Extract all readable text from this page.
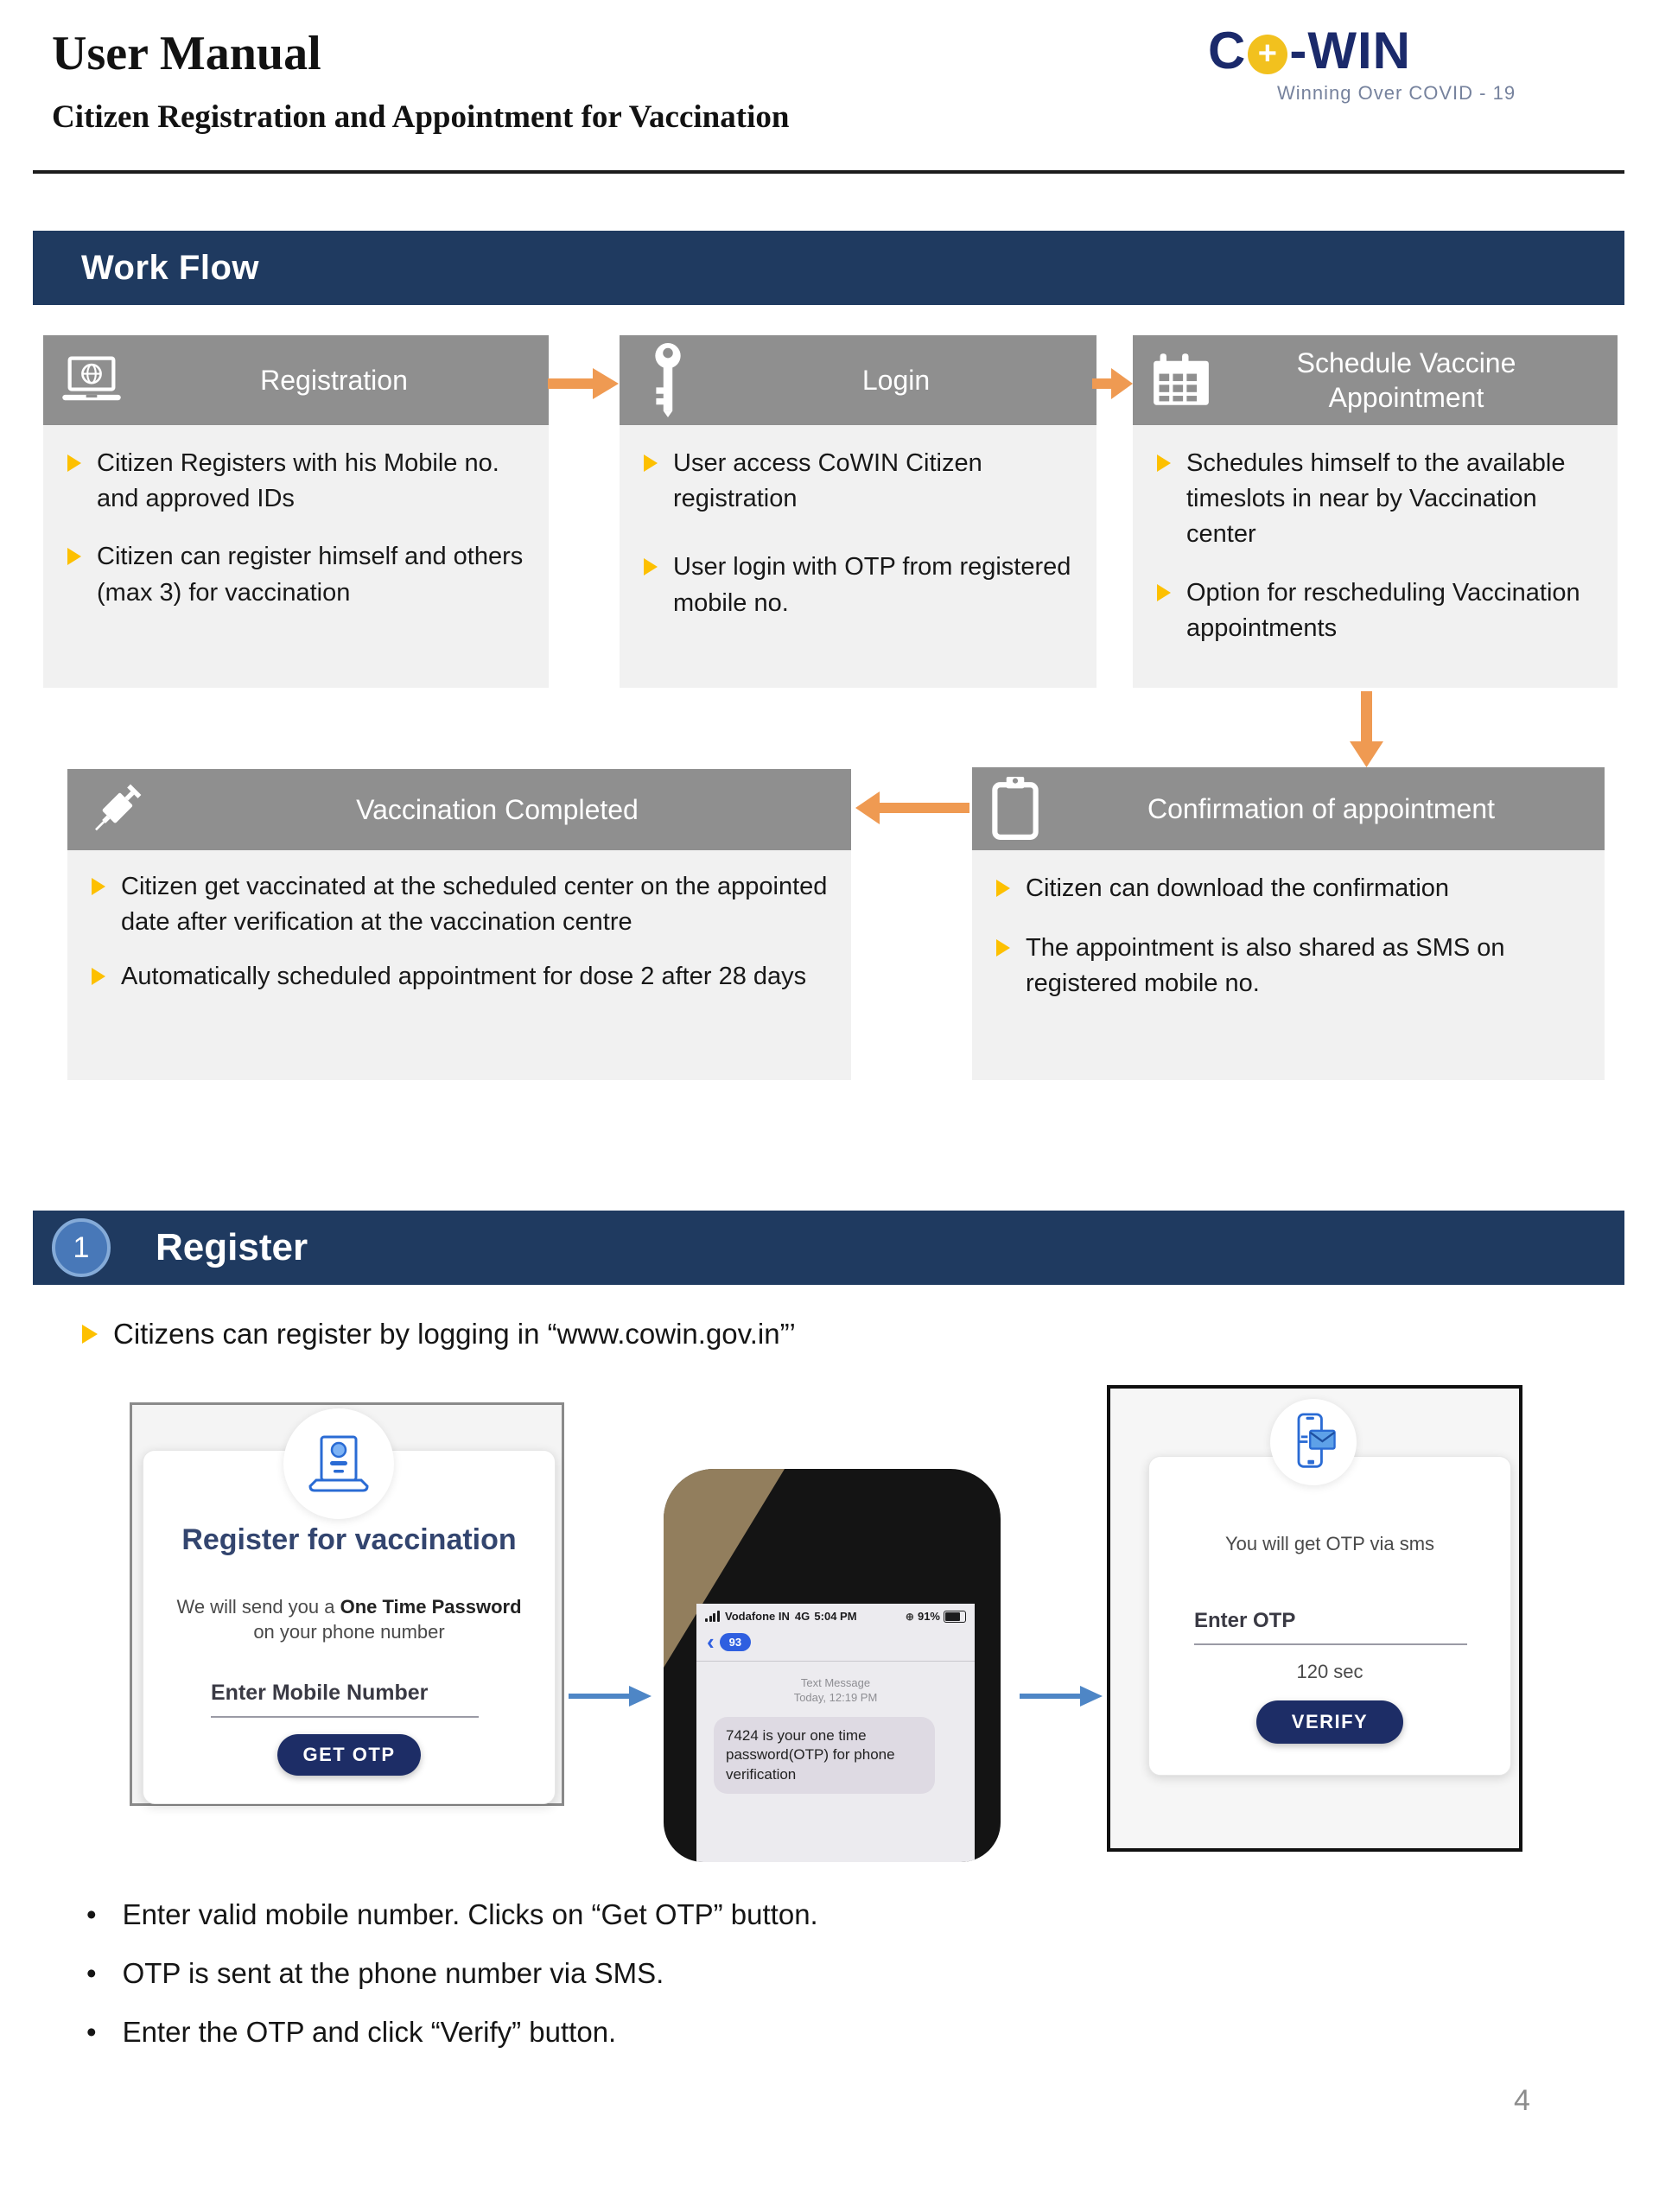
User Manual
Citizen Registration and Appointment for Vaccination
C + -WIN
Winning Over COVID - 19
Work Flow
Registration
Citizen Registers with his Mobile no. and approved IDs
Citizen can register himself and others (max 3) for vaccination
Login
User access CoWIN Citizen registration
User login with OTP from registered mobile no.
Schedule Vaccine Appointment
Schedules himself to the available timeslots in near by Vaccination center
Option for rescheduling Vaccination appointments
Vaccination Completed
Citizen get vaccinated at the scheduled center on the appointed date after verification at the vaccination centre
Automatically scheduled appointment for dose 2 after 28 days
Confirmation of appointment
Citizen can download the confirmation
The appointment is also shared as SMS on registered mobile no.
1	Register
Citizens can register by logging in “www.cowin.gov.in”’
Register for vaccination
We will send you a One Time Password on your phone number
Enter Mobile Number
GET OTP
Vodafone IN 4G 5:04 PM	⊕ 91%
‹	93
Text Message
Today, 12:19 PM
7424 is your one time password(OTP) for phone verification
You will get OTP via sms
Enter OTP
120 sec
VERIFY
• Enter valid mobile number. Clicks on “Get OTP” button.
• OTP is sent at the phone number via SMS.
• Enter the OTP and click “Verify” button.
4
